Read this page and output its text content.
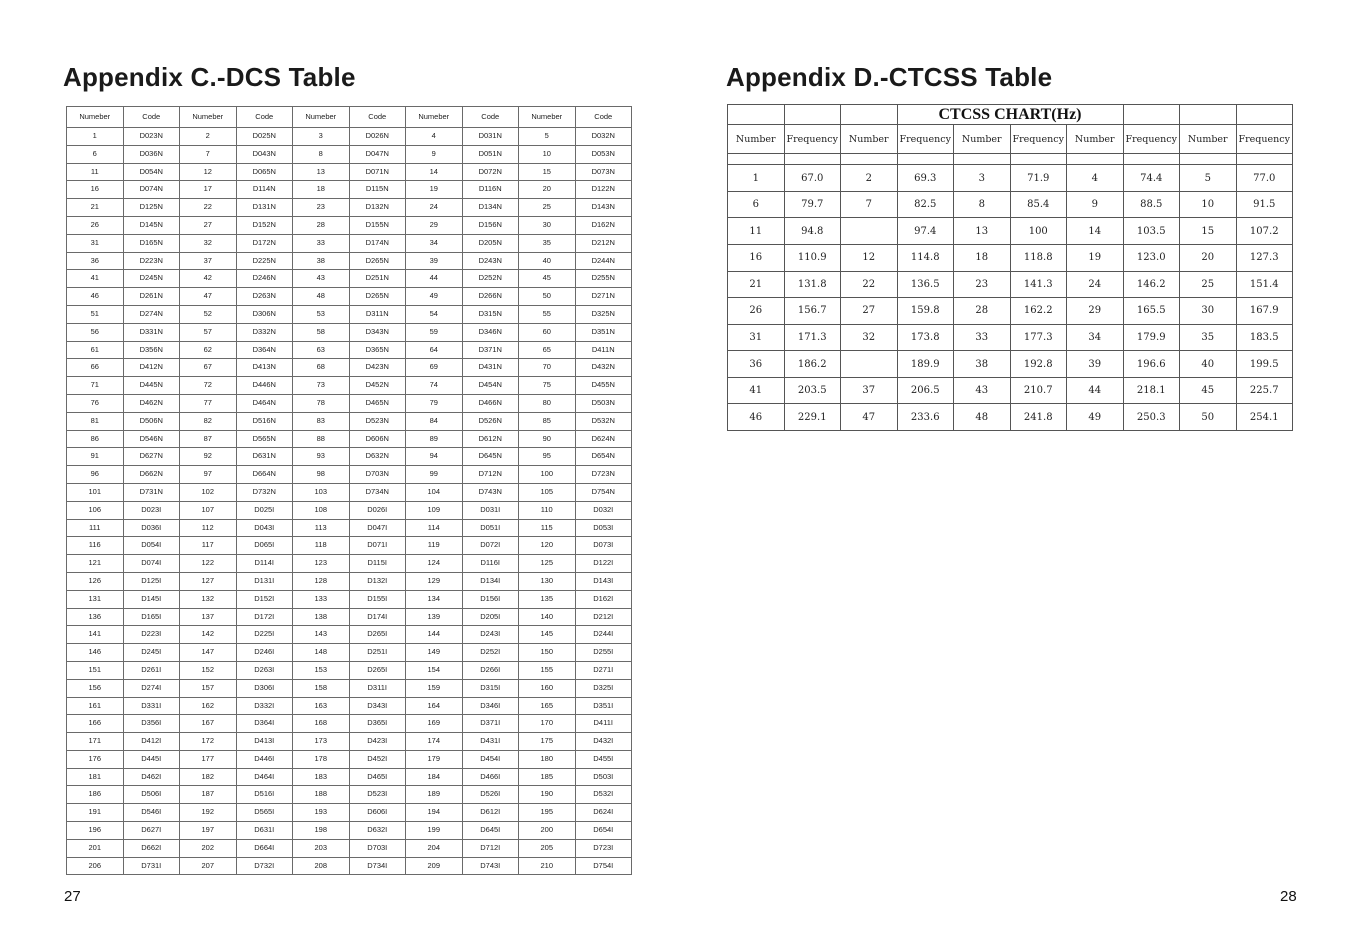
Appendix C.-DCS Table
Numeber	Code	Numeber	Code	Numeber	Code	Numeber	Code	Numeber	Code
1	D023N	2	D025N	3	D026N	4	D031N	5	D032N
6	D036N	7	D043N	8	D047N	9	D051N	10	D053N
11	D054N	12	D065N	13	D071N	14	D072N	15	D073N
16	D074N	17	D114N	18	D115N	19	D116N	20	D122N
21	D125N	22	D131N	23	D132N	24	D134N	25	D143N
26	D145N	27	D152N	28	D155N	29	D156N	30	D162N
31	D165N	32	D172N	33	D174N	34	D205N	35	D212N
36	D223N	37	D225N	38	D265N	39	D243N	40	D244N
41	D245N	42	D246N	43	D251N	44	D252N	45	D255N
46	D261N	47	D263N	48	D265N	49	D266N	50	D271N
51	D274N	52	D306N	53	D311N	54	D315N	55	D325N
56	D331N	57	D332N	58	D343N	59	D346N	60	D351N
61	D356N	62	D364N	63	D365N	64	D371N	65	D411N
66	D412N	67	D413N	68	D423N	69	D431N	70	D432N
71	D445N	72	D446N	73	D452N	74	D454N	75	D455N
76	D462N	77	D464N	78	D465N	79	D466N	80	D503N
81	D506N	82	D516N	83	D523N	84	D526N	85	D532N
86	D546N	87	D565N	88	D606N	89	D612N	90	D624N
91	D627N	92	D631N	93	D632N	94	D645N	95	D654N
96	D662N	97	D664N	98	D703N	99	D712N	100	D723N
101	D731N	102	D732N	103	D734N	104	D743N	105	D754N
106	D023I	107	D025I	108	D026I	109	D031I	110	D032I
111	D036I	112	D043I	113	D047I	114	D051I	115	D053I
116	D054I	117	D065I	118	D071I	119	D072I	120	D073I
121	D074I	122	D114I	123	D115I	124	D116I	125	D122I
126	D125I	127	D131I	128	D132I	129	D134I	130	D143I
131	D145I	132	D152I	133	D155I	134	D156I	135	D162I
136	D165I	137	D172I	138	D174I	139	D205I	140	D212I
141	D223I	142	D225I	143	D265I	144	D243I	145	D244I
146	D245I	147	D246I	148	D251I	149	D252I	150	D255I
151	D261I	152	D263I	153	D265I	154	D266I	155	D271I
156	D274I	157	D306I	158	D311I	159	D315I	160	D325I
161	D331I	162	D332I	163	D343I	164	D346I	165	D351I
166	D356I	167	D364I	168	D365I	169	D371I	170	D411I
171	D412I	172	D413I	173	D423I	174	D431I	175	D432I
176	D445I	177	D446I	178	D452I	179	D454I	180	D455I
181	D462I	182	D464I	183	D465I	184	D466I	185	D503I
186	D506I	187	D516I	188	D523I	189	D526I	190	D532I
191	D546I	192	D565I	193	D606I	194	D612I	195	D624I
196	D627I	197	D631I	198	D632I	199	D645I	200	D654I
201	D662I	202	D664I	203	D703I	204	D712I	205	D723I
206	D731I	207	D732I	208	D734I	209	D743I	210	D754I
27
Appendix D.-CTCSS Table
			CTCSS CHART(Hz)						
Number	Frequency	Number	Frequency	Number	Frequency	Number	Frequency	Number	Frequency

1	67.0	2	69.3	3	71.9	4	74.4	5	77.0
6	79.7	7	82.5	8	85.4	9	88.5	10	91.5
11	94.8		97.4	13	100	14	103.5	15	107.2
16	110.9	12	114.8	18	118.8	19	123.0	20	127.3
21	131.8	22	136.5	23	141.3	24	146.2	25	151.4
26	156.7	27	159.8	28	162.2	29	165.5	30	167.9
31	171.3	32	173.8	33	177.3	34	179.9	35	183.5
36	186.2		189.9	38	192.8	39	196.6	40	199.5
41	203.5	37	206.5	43	210.7	44	218.1	45	225.7
46	229.1	47	233.6	48	241.8	49	250.3	50	254.1
28
